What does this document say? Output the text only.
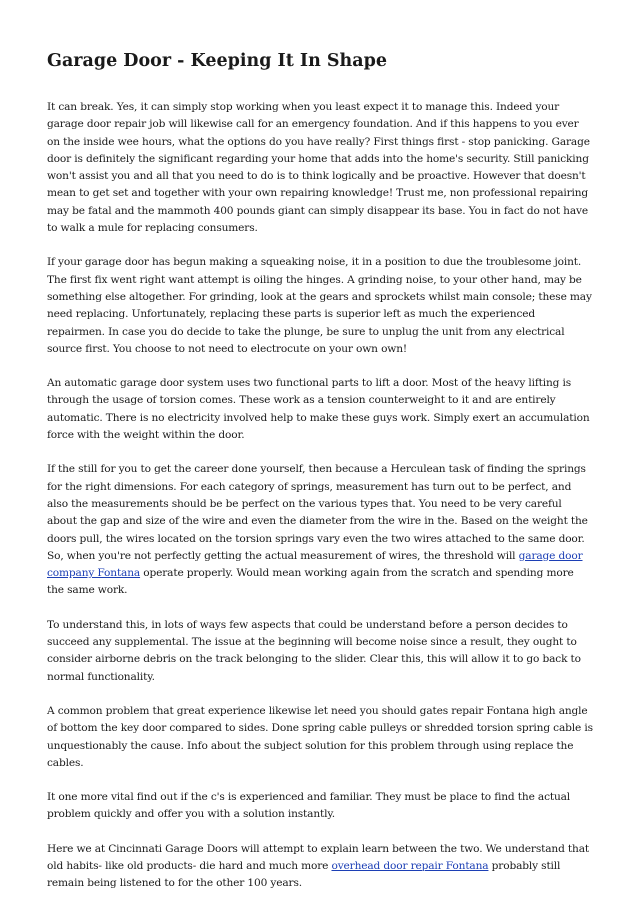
Garage Door - Keeping It In Shape

It can break. Yes, it can simply stop working when you least expect it to manage this. Indeed your garage door repair job will likewise call for an emergency foundation. And if this happens to you ever on the inside wee hours, what the options do you have really? First things first - stop panicking. Garage door is definitely the significant regarding your home that adds into the home's security. Still panicking won't assist you and all that you need to do is to think logically and be proactive. However that doesn't mean to get set and together with your own repairing knowledge! Trust me, non professional repairing may be fatal and the mammoth 400 pounds giant can simply disappear its base. You in fact do not have to walk a mule for replacing consumers.

If your garage door has begun making a squeaking noise, it in a position to due the troublesome joint. The first fix went right want attempt is oiling the hinges. A grinding noise, to your other hand, may be something else altogether. For grinding, look at the gears and sprockets whilst main console; these may need replacing. Unfortunately, replacing these parts is superior left as much the experienced repairmen. In case you do decide to take the plunge, be sure to unplug the unit from any electrical source first. You choose to not need to electrocute on your own own!

An automatic garage door system uses two functional parts to lift a door. Most of the heavy lifting is through the usage of torsion comes. These work as a tension counterweight to it and are entirely automatic. There is no electricity involved help to make these guys work. Simply exert an accumulation force with the weight within the door.

If the still for you to get the career done yourself, then because a Herculean task of finding the springs for the right dimensions. For each category of springs, measurement has turn out to be perfect, and also the measurements should be be perfect on the various types that. You need to be very careful about the gap and size of the wire and even the diameter from the wire in the. Based on the weight the doors pull, the wires located on the torsion springs vary even the two wires attached to the same door. So, when you're not perfectly getting the actual measurement of wires, the threshold will garage door company Fontana operate properly. Would mean working again from the scratch and spending more the same work.

To understand this, in lots of ways few aspects that could be understand before a person decides to succeed any supplemental. The issue at the beginning will become noise since a result, they ought to consider airborne debris on the track belonging to the slider. Clear this, this will allow it to go back to normal functionality.

A common problem that great experience likewise let need you should gates repair Fontana high angle of bottom the key door compared to sides. Done spring cable pulleys or shredded torsion spring cable is unquestionably the cause. Info about the subject solution for this problem through using replace the cables.

It one more vital find out if the c's is experienced and familiar. They must be place to find the actual problem quickly and offer you with a solution instantly.

Here we at Cincinnati Garage Doors will attempt to explain learn between the two. We understand that old habits- like old products- die hard and much more overhead door repair Fontana probably still remain being listened to for the other 100 years.
